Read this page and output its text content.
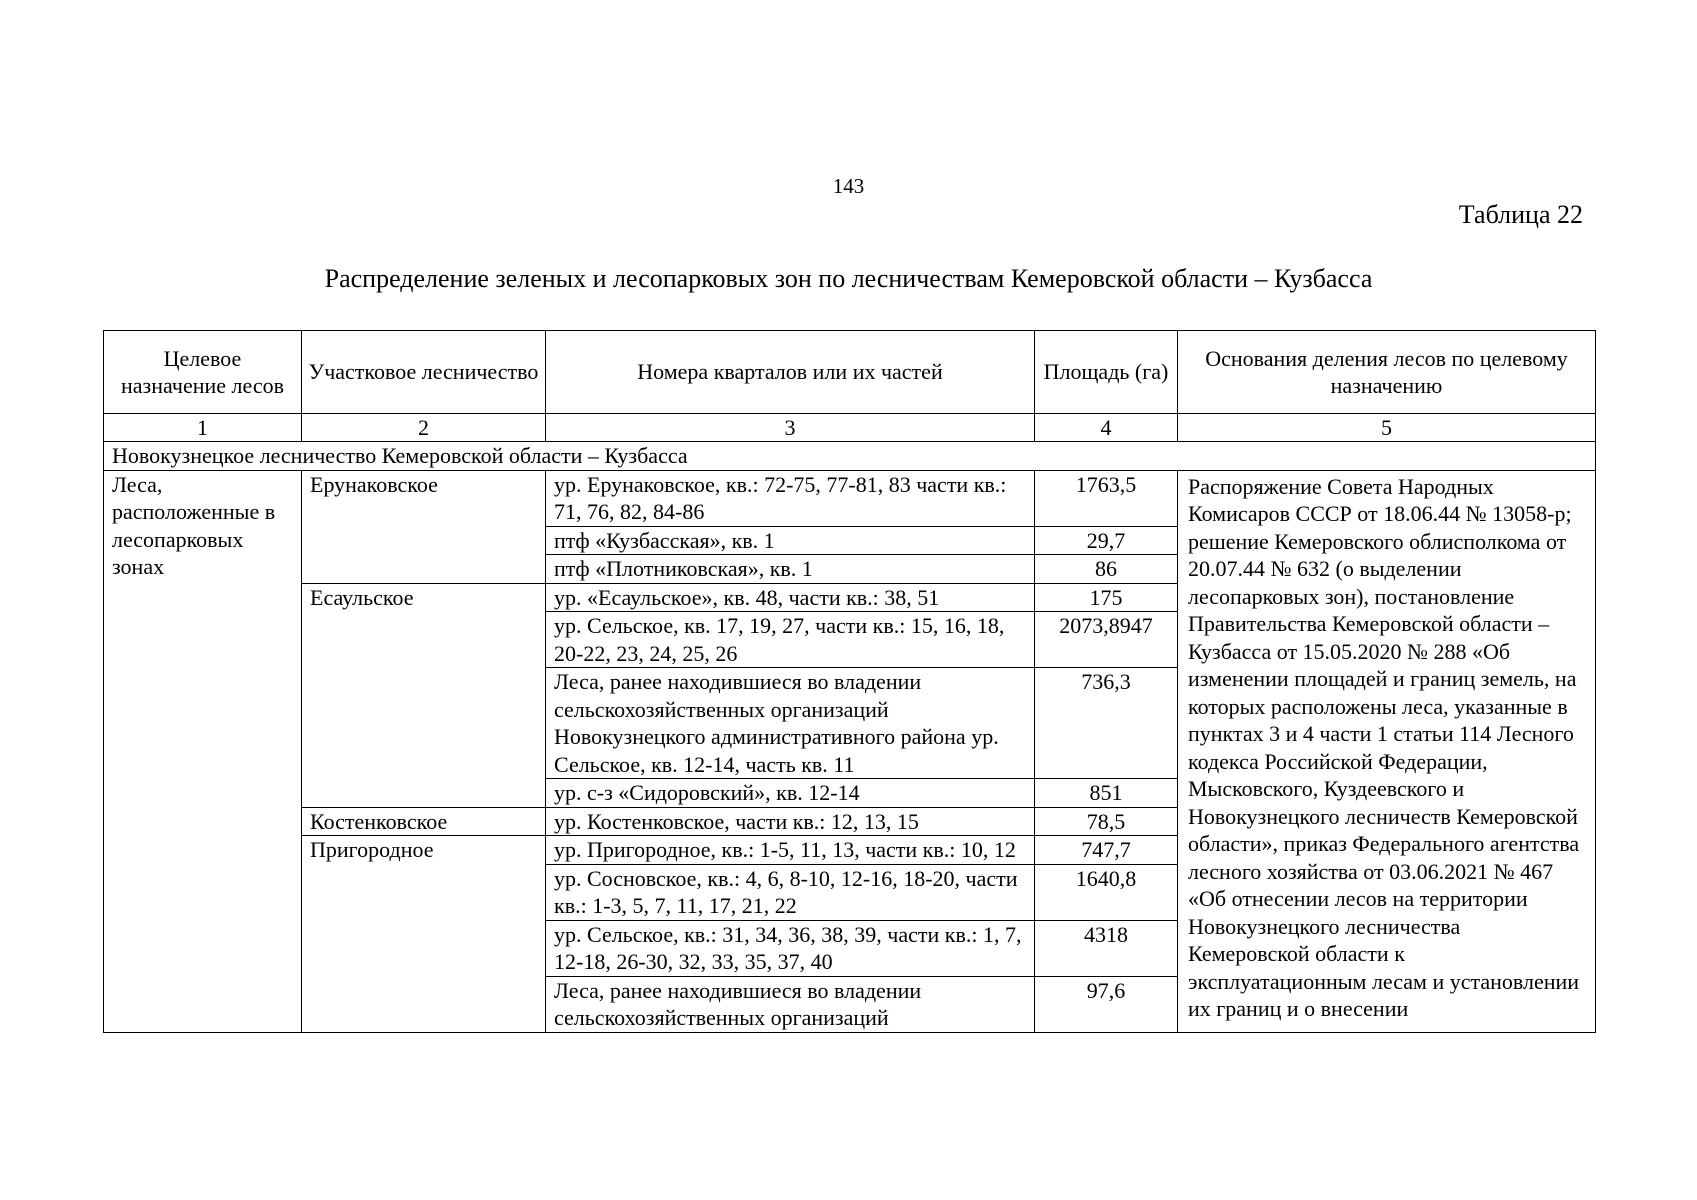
143
Таблица 22
Распределение зеленых и лесопарковых зон по лесничествам Кемеровской области – Кузбасса
Целевое назначение лесов	Участковое лесничество	Номера кварталов или их частей	Площадь (га)	Основания деления лесов по целевому назначению
1	2	3	4	5
Новокузнецкое лесничество Кемеровской области – Кузбасса				
Леса, расположенные в лесопарковых зонах	Ерунаковское	ур. Ерунаковское, кв.: 72-75, 77-81, 83 части кв.: 71, 76, 82, 84-86	1763,5	Распоряжение Совета Народных Комисаров СССР от 18.06.44 № 13058-р; решение Кемеровского облисполкома от 20.07.44 № 632 (о выделении лесопарковых зон), постановление Правительства Кемеровской области – Кузбасса от 15.05.2020 № 288 «Об изменении площадей и границ земель, на которых расположены леса, указанные в пунктах 3 и 4 части 1 статьи 114 Лесного кодекса Российской Федерации, Мысковского, Куздеевского и Новокузнецкого лесничеств Кемеровской области», приказ Федерального агентства лесного хозяйства от 03.06.2021 № 467 «Об отнесении лесов на территории Новокузнецкого лесничества Кемеровской области к эксплуатационным лесам и установлении их границ и о внесении
		птф «Кузбасская», кв. 1	29,7	
		птф «Плотниковская», кв. 1	86	
	Есаульское	ур. «Есаульское», кв. 48, части кв.: 38, 51	175	
		ур. Сельское, кв. 17, 19, 27, части кв.: 15, 16, 18, 20-22, 23, 24, 25, 26	2073,8947	
		Леса, ранее находившиеся во владении сельскохозяйственных организаций Новокузнецкого административного района ур. Сельское, кв. 12-14, часть кв. 11	736,3	
		ур. с-з «Сидоровский», кв. 12-14	851	
	Костенковское	ур. Костенковское, части кв.: 12, 13, 15	78,5	
	Пригородное	ур. Пригородное, кв.: 1-5, 11, 13, части кв.: 10, 12	747,7	
		ур. Сосновское, кв.: 4, 6, 8-10, 12-16, 18-20, части кв.: 1-3, 5, 7, 11, 17, 21, 22	1640,8	
		ур. Сельское, кв.: 31, 34, 36, 38, 39, части кв.: 1, 7, 12-18, 26-30, 32, 33, 35, 37, 40	4318	
		Леса, ранее находившиеся во владении сельскохозяйственных организаций	97,6	
